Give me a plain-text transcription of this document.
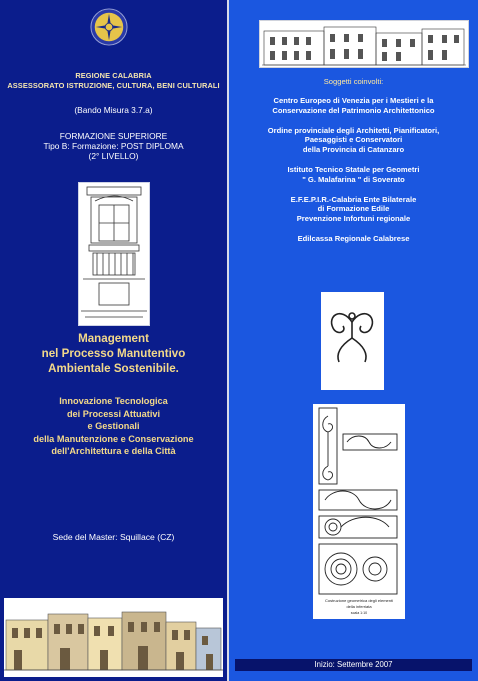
REGIONE CALABRIA
ASSESSORATO ISTRUZIONE, CULTURA, BENI CULTURALI
(Bando Misura 3.7.a)
FORMAZIONE SUPERIORE
Tipo B: Formazione: POST DIPLOMA
(2° LIVELLO)
Management
nel Processo Manutentivo
Ambientale Sostenibile.
Innovazione Tecnologica
dei Processi Attuativi
e Gestionali
della Manutenzione e Conservazione
dell'Architettura e della Città
Sede del Master: Squillace (CZ)
Soggetti coinvolti:

Centro Europeo di Venezia per i Mestieri e la
Conservazione del Patrimonio Architettonico

Ordine provinciale degli Architetti, Pianificatori,
Paesaggisti e Conservatori
della Provincia di Catanzaro

Istituto Tecnico Statale per Geometri
" G. Malafarina " di Soverato

E.F.E.P.I.R.-Calabria Ente Bilaterale
di Formazione Edile
Prevenzione Infortuni regionale

Edilcassa Regionale Calabrese

Costruzione geometrica degli elementi
della inferriata
scala 1:10
Inizio: Settembre 2007
